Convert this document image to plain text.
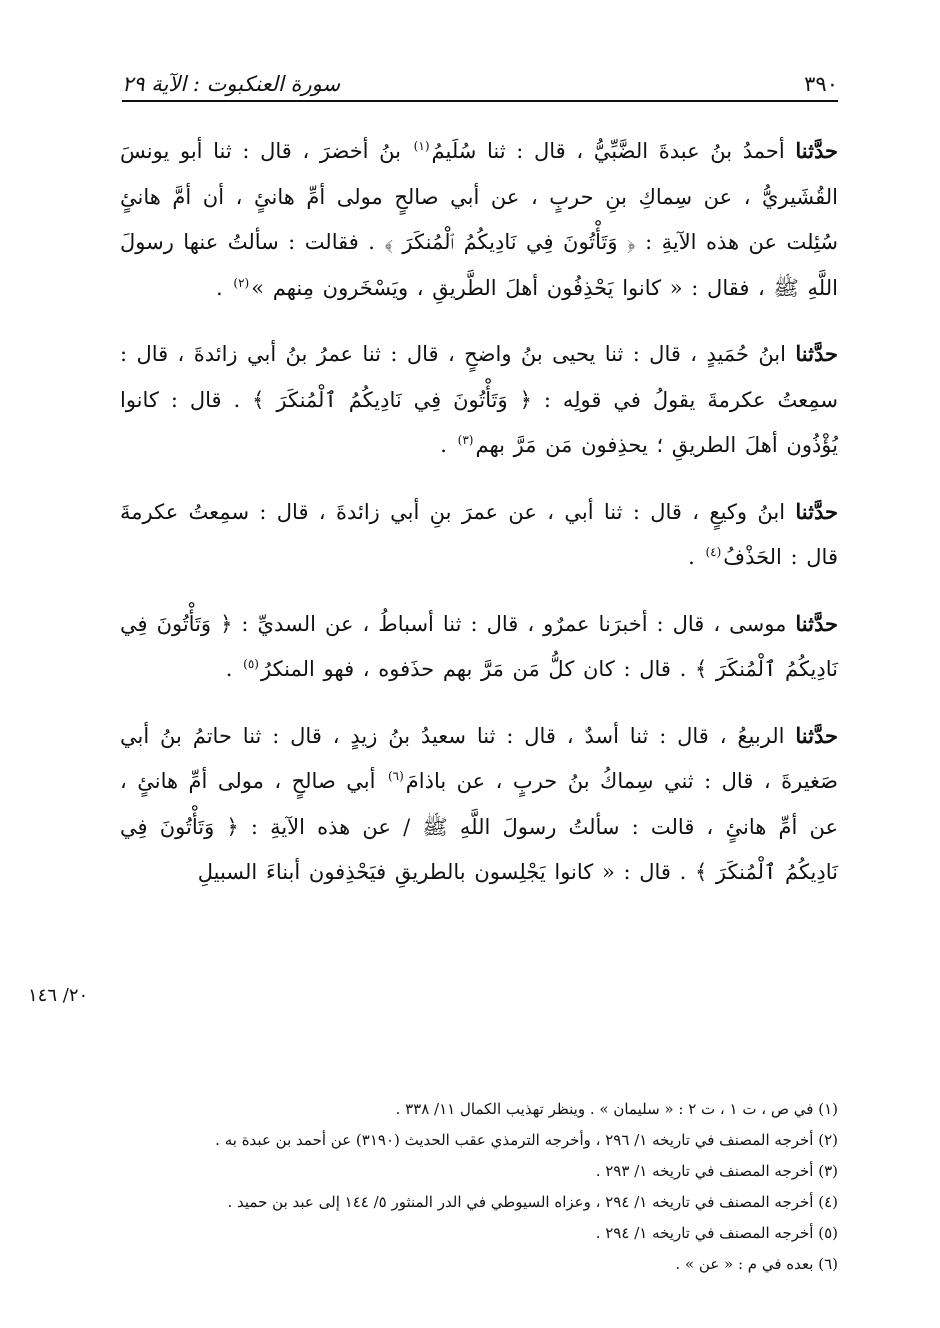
٣٩٠
سورة العنكبوت : الآية ٢٩

حدَّثنا أحمدُ بنُ عبدةَ الضَّبِّيُّ ، قال : ثنا سُلَيمُ$^{(١)}$ بنُ أخضرَ ، قال : ثنا أبو يونسَ القُشَيريُّ ، عن سِماكِ بنِ حربٍ ، عن أبي صالحٍ مولى أمِّ هانئٍ ، أن أمَّ هانئٍ سُئِلت عن هذه الآيةِ : ﴿ وَتَأْتُونَ فِي نَادِيكُمُ ٱلْمُنكَرَ ﴾ . فقالت : سألتُ عنها رسولَ اللَّهِ ﷺ ، فقال : « كانوا يَحْذِفُون أهلَ الطَّريقِ ، ويَسْخَرون مِنهم »$^{(٢)}$ .

حدَّثنا ابنُ حُمَيدٍ ، قال : ثنا يحيى بنُ واضحٍ ، قال : ثنا عمرُ بنُ أبي زائدةَ ، قال : سمِعتُ عكرمةَ يقولُ في قولِه : ﴿ وَتَأْتُونَ فِي نَادِيكُمُ ٱلْمُنكَرَ ﴾ . قال : كانوا يُؤْذُون أهلَ الطريقِ ؛ يحذِفون مَن مَرَّ بهم$^{(٣)}$ .

حدَّثنا ابنُ وكيعٍ ، قال : ثنا أبي ، عن عمرَ بنِ أبي زائدةَ ، قال : سمِعتُ عكرمةَ قال : الحَذْفُ$^{(٤)}$ .

حدَّثنا موسى ، قال : أخبرَنا عمرٌو ، قال : ثنا أسباطُ ، عن السديِّ : ﴿ وَتَأْتُونَ فِي نَادِيكُمُ ٱلْمُنكَرَ ﴾ . قال : كان كلُّ مَن مَرَّ بهم حذَفوه ، فهو المنكرُ$^{(٥)}$ .

حدَّثنا الربيعُ ، قال : ثنا أسدٌ ، قال : ثنا سعيدُ بنُ زيدٍ ، قال : ثنا حاتمُ بنُ أبي صَغيرةَ ، قال : ثني سِماكُ بنُ حربٍ ، عن باذامَ$^{(٦)}$ أبي صالحٍ ، مولى أمِّ هانئٍ ، عن أمِّ هانئٍ ، قالت : سألتُ رسولَ اللَّهِ ﷺ / عن هذه الآيةِ : ﴿ وَتَأْتُونَ فِي نَادِيكُمُ ٱلْمُنكَرَ ﴾ . قال : « كانوا يَجْلِسون بالطريقِ فيَحْذِفون أبناءَ السبيلِ

٢٠/ ١٤٦

(١) في ص ، ت ١ ، ت ٢ : « سليمان » . وينظر تهذيب الكمال ١١/ ٣٣٨ .

(٢) أخرجه المصنف في تاريخه ١/ ٢٩٦ ، وأخرجه الترمذي عقب الحديث (٣١٩٠) عن أحمد بن عبدة به .

(٣) أخرجه المصنف في تاريخه ١/ ٢٩٣ .

(٤) أخرجه المصنف في تاريخه ١/ ٢٩٤ ، وعزاه السيوطي في الدر المنثور ٥/ ١٤٤ إلى عبد بن حميد .

(٥) أخرجه المصنف في تاريخه ١/ ٢٩٤ .

(٦) بعده في م : « عن » .
